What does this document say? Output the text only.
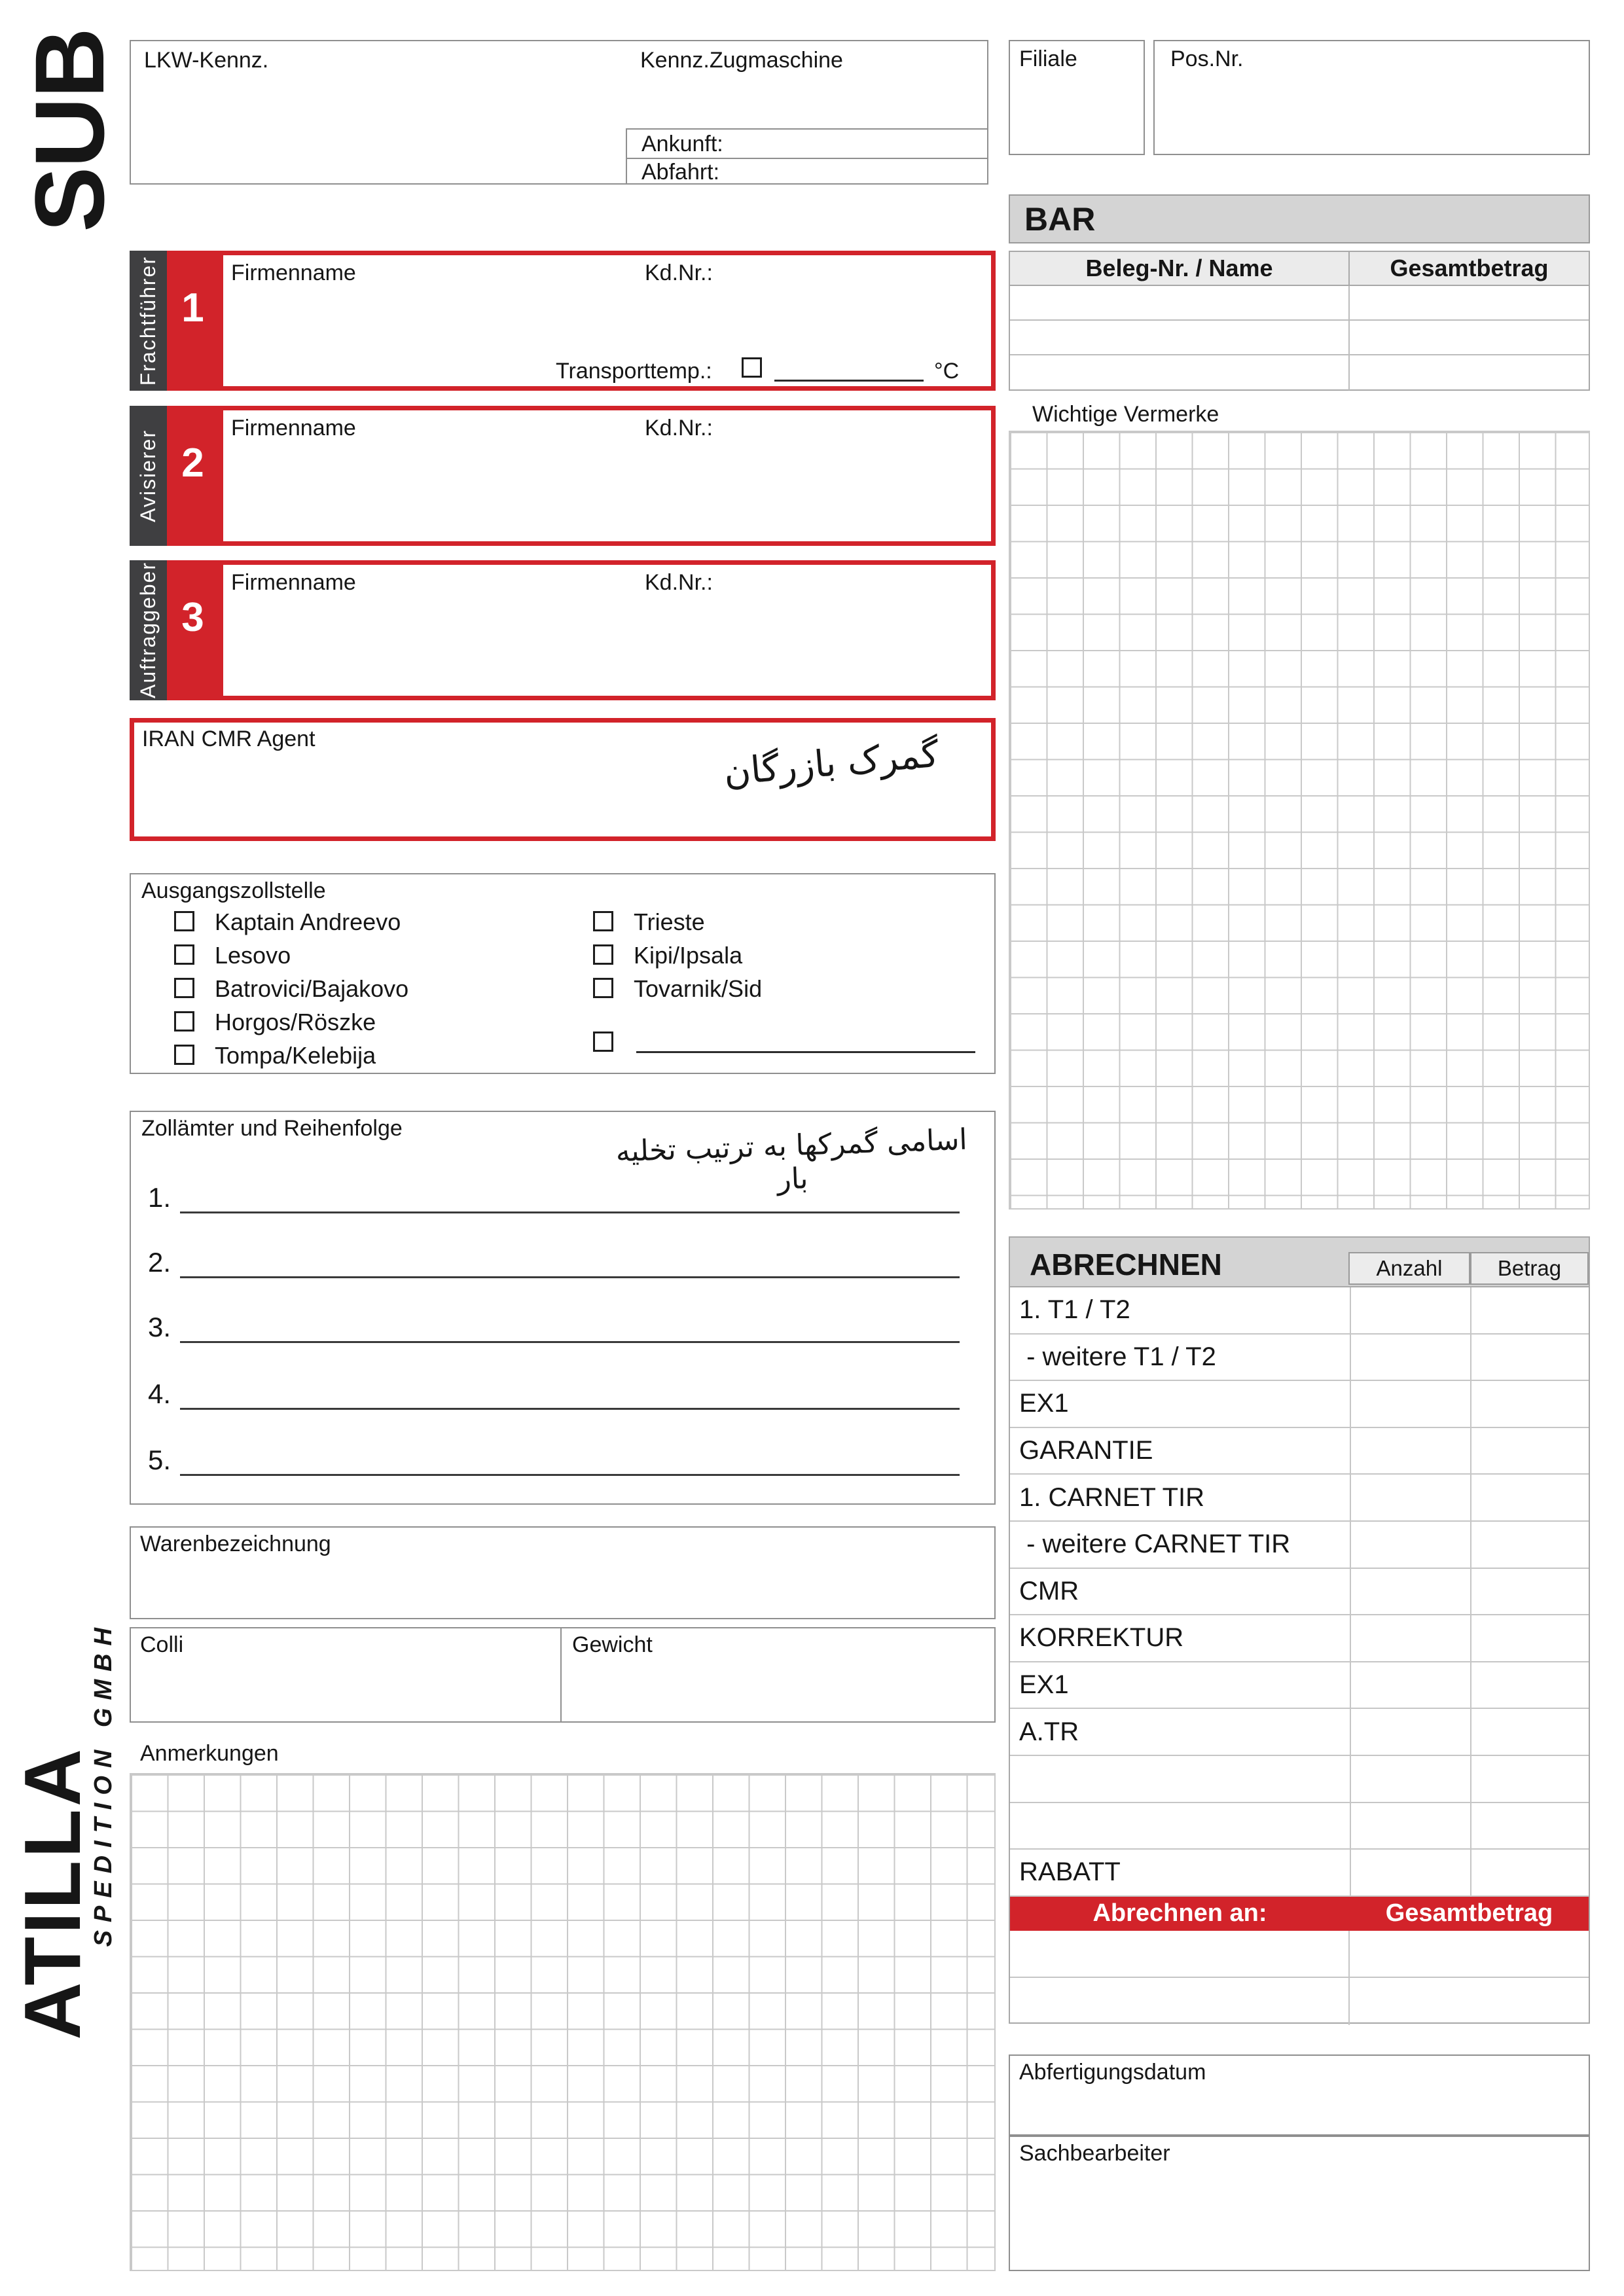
SUB
ATILLA
SPEDITION GMBH
LKW-Kennz.	Kennz.Zugmaschine
Ankunft:
Abfahrt:
Filiale	Pos.Nr.
BAR
Beleg-Nr. / Name	Gesamtbetrag
Wichtige Vermerke
Frachtführer 1
Firmenname	Kd.Nr.:
Transporttemp.:	°C
Avisierer 2
Firmenname	Kd.Nr.:
Auftraggeber 3
Firmenname	Kd.Nr.:
IRAN CMR Agent	گمرک بازرگان
Ausgangszollstelle
Kaptain Andreevo
Lesovo
Batrovici/Bajakovo
Horgos/Röszke
Tompa/Kelebija
Trieste
Kipi/Ipsala
Tovarnik/Sid
Zollämter und Reihenfolge	اسامی گمرکها به ترتیب تخلیه بار
1.
2.
3.
4.
5.
Warenbezeichnung
Colli	Gewicht
Anmerkungen
ABRECHNEN	Anzahl	Betrag
1. T1 / T2
- weitere T1 / T2
EX1
GARANTIE
1. CARNET TIR
- weitere CARNET TIR
CMR
KORREKTUR
EX1
A.TR
RABATT
Abrechnen an:	Gesamtbetrag
Abfertigungsdatum
Sachbearbeiter
